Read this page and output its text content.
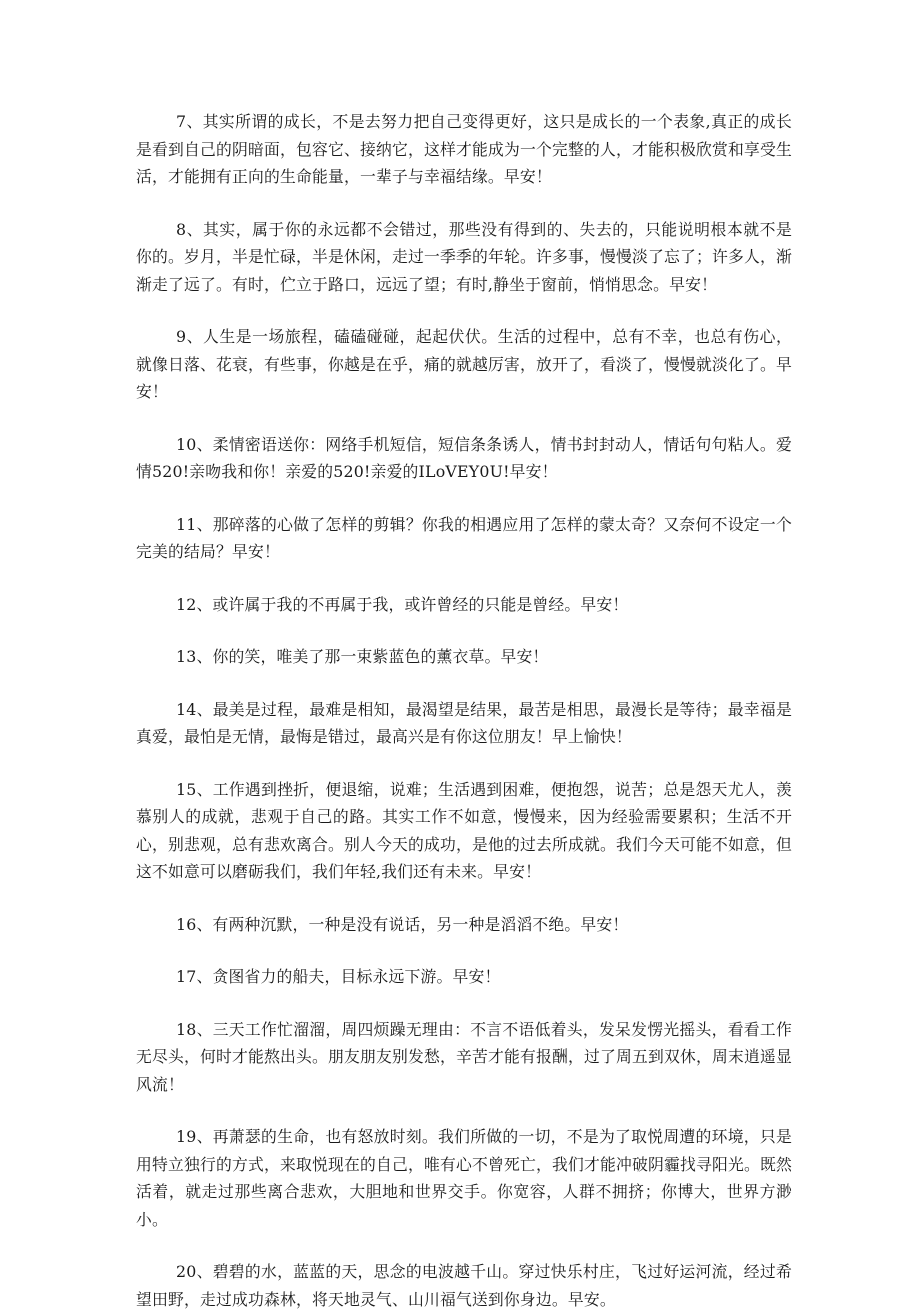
7、其实所谓的成长，不是去努力把自己变得更好，这只是成长的一个表象,真正的成长是看到自己的阴暗面，包容它、接纳它，这样才能成为一个完整的人，才能积极欣赏和享受生活，才能拥有正向的生命能量，一辈子与幸福结缘。早安！

8、其实，属于你的永远都不会错过，那些没有得到的、失去的，只能说明根本就不是你的。岁月，半是忙碌，半是休闲，走过一季季的年轮。许多事，慢慢淡了忘了；许多人，渐渐走了远了。有时，伫立于路口，远远了望；有时,静坐于窗前，悄悄思念。早安！

9、人生是一场旅程，磕磕碰碰，起起伏伏。生活的过程中，总有不幸，也总有伤心，就像日落、花衰，有些事，你越是在乎，痛的就越厉害，放开了，看淡了，慢慢就淡化了。早安！

10、柔情密语送你：网络手机短信，短信条条诱人，情书封封动人，情话句句粘人。爱情520!亲吻我和你！亲爱的520!亲爱的ILoVEY0U!早安！

11、那碎落的心做了怎样的剪辑？你我的相遇应用了怎样的蒙太奇？又奈何不设定一个完美的结局？早安！

12、或许属于我的不再属于我，或许曾经的只能是曾经。早安！

13、你的笑，唯美了那一束紫蓝色的薰衣草。早安！

14、最美是过程，最难是相知，最渴望是结果，最苦是相思，最漫长是等待；最幸福是真爱，最怕是无情，最悔是错过，最高兴是有你这位朋友！早上愉快！

15、工作遇到挫折，便退缩，说难；生活遇到困难，便抱怨，说苦；总是怨天尤人，羡慕别人的成就，悲观于自己的路。其实工作不如意，慢慢来，因为经验需要累积；生活不开心，别悲观，总有悲欢离合。别人今天的成功，是他的过去所成就。我们今天可能不如意，但这不如意可以磨砺我们，我们年轻,我们还有未来。早安！

16、有两种沉默，一种是没有说话，另一种是滔滔不绝。早安！

17、贪图省力的船夫，目标永远下游。早安！

18、三天工作忙溜溜，周四烦躁无理由：不言不语低着头，发呆发愣光摇头，看看工作无尽头，何时才能熬出头。朋友朋友别发愁，辛苦才能有报酬，过了周五到双休，周末逍遥显风流！

19、再萧瑟的生命，也有怒放时刻。我们所做的一切，不是为了取悦周遭的环境，只是用特立独行的方式，来取悦现在的自己，唯有心不曾死亡，我们才能冲破阴霾找寻阳光。既然活着，就走过那些离合悲欢，大胆地和世界交手。你宽容，人群不拥挤；你博大，世界方渺小。

20、碧碧的水，蓝蓝的天，思念的电波越千山。穿过快乐村庄，飞过好运河流，经过希望田野，走过成功森林，将天地灵气、山川福气送到你身边。早安。
